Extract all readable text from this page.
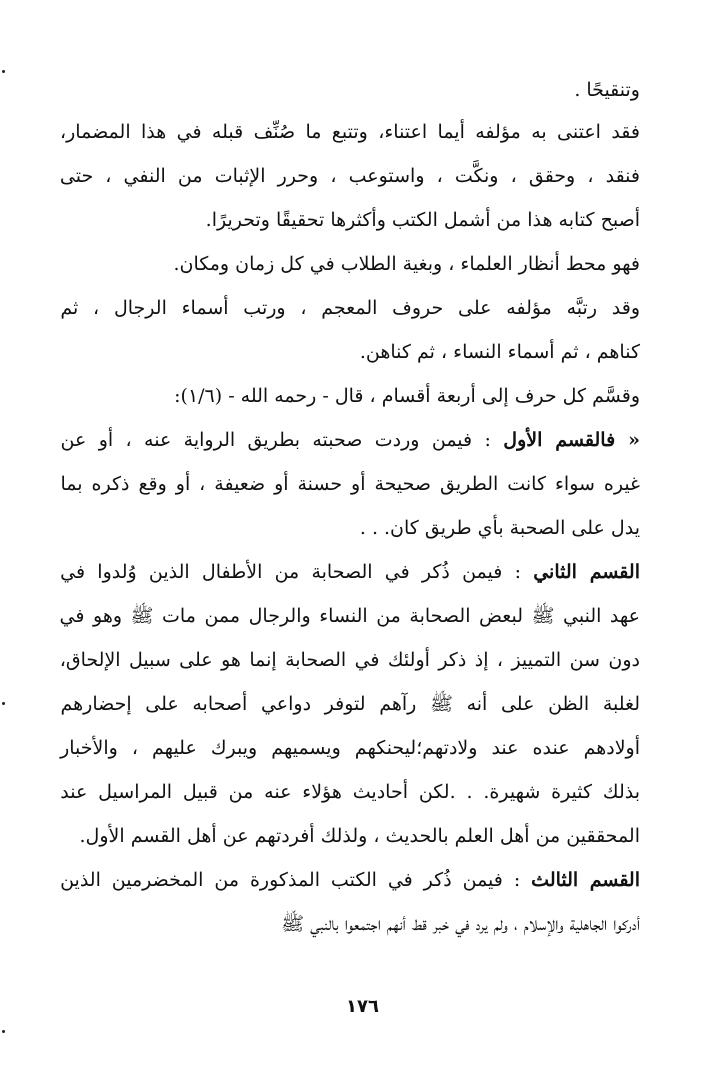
وتنقيحًا .
فقد اعتنى به مؤلفه أيما اعتناء، وتتبع ما صُنِّف قبله في هذا المضمار،
فنقد ، وحقق ، ونكَّت ، واستوعب ، وحرر الإثبات من النفي ، حتى
أصبح كتابه هذا من أشمل الكتب وأكثرها تحقيقًا وتحريرًا.
فهو محط أنظار العلماء ، وبغية الطلاب في كل زمان ومكان.
وقد رتبَّه مؤلفه على حروف المعجم ، ورتب أسماء الرجال ، ثم
كناهم ، ثم أسماء النساء ، ثم كناهن.
وقسَّم كل حرف إلى أربعة أقسام ، قال - رحمه الله - (١/٦):
« فالقسم الأول : فيمن وردت صحبته بطريق الرواية عنه ، أو عن
غيره سواء كانت الطريق صحيحة أو حسنة أو ضعيفة ، أو وقع ذكره بما
يدل على الصحبة بأي طريق كان. . .
القسم الثاني : فيمن ذُكر في الصحابة من الأطفال الذين وُلدوا في
عهد النبي ﷺ لبعض الصحابة من النساء والرجال ممن مات ﷺ وهو في
دون سن التمييز ، إذ ذكر أولئك في الصحابة إنما هو على سبيل الإلحاق،
لغلبة الظن على أنه ﷺ رآهم لتوفر دواعي أصحابه على إحضارهم
أولادهم عنده عند ولادتهم؛ليحنكهم ويسميهم ويبرك عليهم ، والأخبار
بذلك كثيرة شهيرة. . .لكن أحاديث هؤلاء عنه من قبيل المراسيل عند
المحققين من أهل العلم بالحديث ، ولذلك أفردتهم عن أهل القسم الأول.
القسم الثالث : فيمن ذُكر في الكتب المذكورة من المخضرمين الذين
أدركوا الجاهلية والإسلام ، ولم يرد في خبر قط أنهم اجتمعوا بالنبي ﷺ
١٧٦
